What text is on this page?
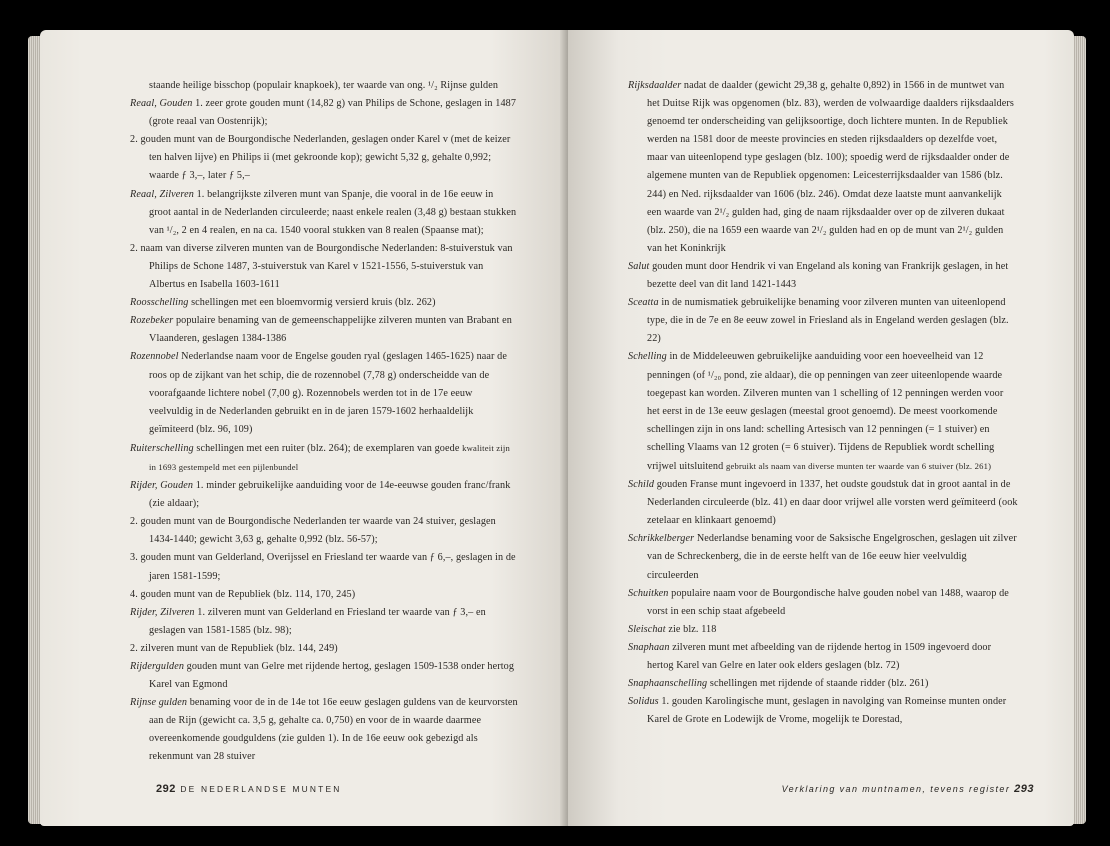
staande heilige bisschop (populair knapkoek), ter waarde van ong. ¹/₂ Rijnse gulden

Reaal, Gouden 1. zeer grote gouden munt (14,82 g) van Philips de Schone, geslagen in 1487 (grote reaal van Oostenrijk);

2. gouden munt van de Bourgondische Nederlanden, geslagen onder Karel v (met de keizer ten halven lijve) en Philips ii (met gekroonde kop); gewicht 5,32 g, gehalte 0,992; waarde ƒ 3,–, later ƒ 5,–

Reaal, Zilveren 1. belangrijkste zilveren munt van Spanje, die vooral in de 16e eeuw in groot aantal in de Nederlanden circuleerde; naast enkele realen (3,48 g) bestaan stukken van ¹/₂, 2 en 4 realen, en na ca. 1540 vooral stukken van 8 realen (Spaanse mat);

2. naam van diverse zilveren munten van de Bourgondische Nederlanden: 8-stuiverstuk van Philips de Schone 1487, 3-stuiverstuk van Karel v 1521-1556, 5-stuiverstuk van Albertus en Isabella 1603-1611

Roosschelling schellingen met een bloemvormig versierd kruis (blz. 262)

Rozebeker populaire benaming van de gemeenschappelijke zilveren munten van Brabant en Vlaanderen, geslagen 1384-1386

Rozennobel Nederlandse naam voor de Engelse gouden ryal (geslagen 1465-1625) naar de roos op de zijkant van het schip, die de rozennobel (7,78 g) onderscheidde van de voorafgaande lichtere nobel (7,00 g). Rozennobels werden tot in de 17e eeuw veelvuldig in de Nederlanden gebruikt en in de jaren 1579-1602 herhaaldelijk geïmiteerd (blz. 96, 109)

Ruiterschelling schellingen met een ruiter (blz. 264); de exemplaren van goede kwaliteit zijn in 1693 gestempeld met een pijlenbundel

Rijder, Gouden 1. minder gebruikelijke aanduiding voor de 14e-eeuwse gouden franc/frank (zie aldaar);

2. gouden munt van de Bourgondische Nederlanden ter waarde van 24 stuiver, geslagen 1434-1440; gewicht 3,63 g, gehalte 0,992 (blz. 56-57);

3. gouden munt van Gelderland, Overijssel en Friesland ter waarde van ƒ 6,–, geslagen in de jaren 1581-1599;

4. gouden munt van de Republiek (blz. 114, 170, 245)

Rijder, Zilveren 1. zilveren munt van Gelderland en Friesland ter waarde van ƒ 3,– en geslagen van 1581-1585 (blz. 98);

2. zilveren munt van de Republiek (blz. 144, 249)

Rijdergulden gouden munt van Gelre met rijdende hertog, geslagen 1509-1538 onder hertog Karel van Egmond

Rijnse gulden benaming voor de in de 14e tot 16e eeuw geslagen guldens van de keurvorsten aan de Rijn (gewicht ca. 3,5 g, gehalte ca. 0,750) en voor de in waarde daarmee overeenkomende goudguldens (zie gulden 1). In de 16e eeuw ook gebezigd als rekenmunt van 28 stuiver

292 DE NEDERLANDSE MUNTEN

Rijksdaalder nadat de daalder (gewicht 29,38 g, gehalte 0,892) in 1566 in de muntwet van het Duitse Rijk was opgenomen (blz. 83), werden de volwaardige daalders rijksdaalders genoemd ter onderscheiding van gelijksoortige, doch lichtere munten. In de Republiek werden na 1581 door de meeste provincies en steden rijksdaalders op dezelfde voet, maar van uiteenlopend type geslagen (blz. 100); spoedig werd de rijksdaalder onder de algemene munten van de Republiek opgenomen: Leicesterrijksdaalder van 1586 (blz. 244) en Ned. rijksdaalder van 1606 (blz. 246). Omdat deze laatste munt aanvankelijk een waarde van 2¹/₂ gulden had, ging de naam rijksdaalder over op de zilveren dukaat (blz. 250), die na 1659 een waarde van 2¹/₂ gulden had en op de munt van 2¹/₂ gulden van het Koninkrijk

Salut gouden munt door Hendrik vi van Engeland als koning van Frankrijk geslagen, in het bezette deel van dit land 1421-1443

Sceatta in de numismatiek gebruikelijke benaming voor zilveren munten van uiteenlopend type, die in de 7e en 8e eeuw zowel in Friesland als in Engeland werden geslagen (blz. 22)

Schelling in de Middeleeuwen gebruikelijke aanduiding voor een hoeveelheid van 12 penningen (of ¹/₂₀ pond, zie aldaar), die op penningen van zeer uiteenlopende waarde toegepast kan worden. Zilveren munten van 1 schelling of 12 penningen werden voor het eerst in de 13e eeuw geslagen (meestal groot genoemd). De meest voorkomende schellingen zijn in ons land: schelling Artesisch van 12 penningen (= 1 stuiver) en schelling Vlaams van 12 groten (= 6 stuiver). Tijdens de Republiek wordt schelling vrijwel uitsluitend gebruikt als naam van diverse munten ter waarde van 6 stuiver (blz. 261)

Schild gouden Franse munt ingevoerd in 1337, het oudste goudstuk dat in groot aantal in de Nederlanden circuleerde (blz. 41) en daar door vrijwel alle vorsten werd geïmiteerd (ook zetelaar en klinkaart genoemd)

Schrikkelberger Nederlandse benaming voor de Saksische Engelgroschen, geslagen uit zilver van de Schreckenberg, die in de eerste helft van de 16e eeuw hier veelvuldig circuleerden

Schuitken populaire naam voor de Bourgondische halve gouden nobel van 1488, waarop de vorst in een schip staat afgebeeld

Sleischat zie blz. 118

Snaphaan zilveren munt met afbeelding van de rijdende hertog in 1509 ingevoerd door hertog Karel van Gelre en later ook elders geslagen (blz. 72)

Snaphaanschelling schellingen met rijdende of staande ridder (blz. 261)

Solidus 1. gouden Karolingische munt, geslagen in navolging van Romeinse munten onder Karel de Grote en Lodewijk de Vrome, mogelijk te Dorestad,

Verklaring van muntnamen, tevens register 293
